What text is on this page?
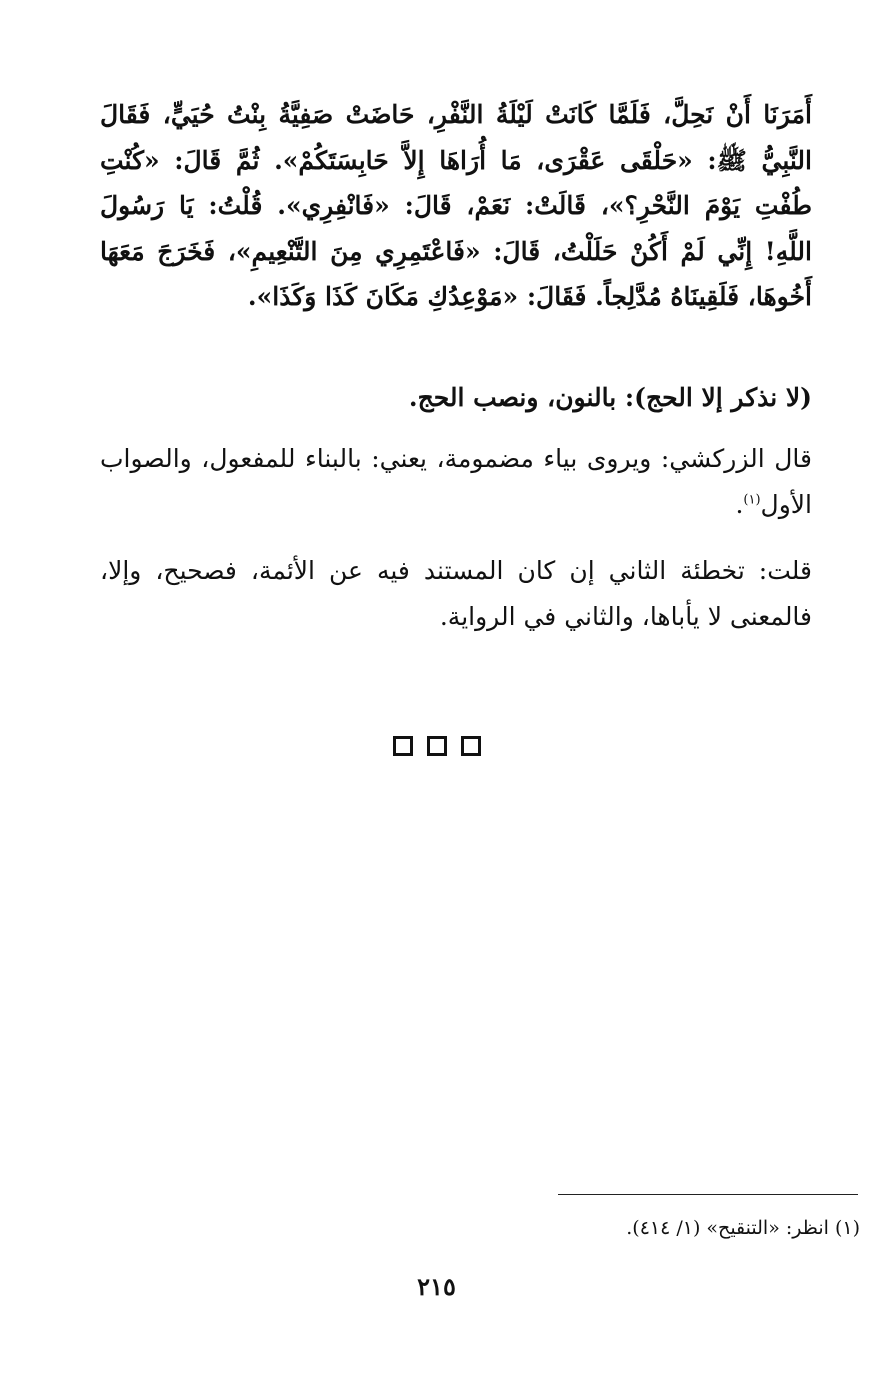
أَمَرَنَا أَنْ نَحِلَّ، فَلَمَّا كَانَتْ لَيْلَةُ النَّفْرِ، حَاضَتْ صَفِيَّةُ بِنْتُ حُيَيٍّ، فَقَالَ النَّبِيُّ ﷺ: «حَلْقَى عَقْرَى، مَا أُرَاهَا إِلاَّ حَابِسَتَكُمْ». ثُمَّ قَالَ: «كُنْتِ طُفْتِ يَوْمَ النَّحْرِ؟»، قَالَتْ: نَعَمْ، قَالَ: «فَانْفِرِي». قُلْتُ: يَا رَسُولَ اللَّهِ! إِنِّي لَمْ أَكُنْ حَلَلْتُ، قَالَ: «فَاعْتَمِرِي مِنَ التَّنْعِيمِ»، فَخَرَجَ مَعَهَا أَخُوهَا، فَلَقِينَاهُ مُدَّلِجاً. فَقَالَ: «مَوْعِدُكِ مَكَانَ كَذَا وَكَذَا».

(لا نذكر إلا الحج): بالنون، ونصب الحج.

قال الزركشي: ويروى بياء مضمومة، يعني: بالبناء للمفعول، والصواب الأول$^{(١)}$.

قلت: تخطئة الثاني إن كان المستند فيه عن الأئمة، فصحيح، وإلا، فالمعنى لا يأباها، والثاني في الرواية.

(١) انظر: «التنقيح» (١/ ٤١٤).

٢١٥
